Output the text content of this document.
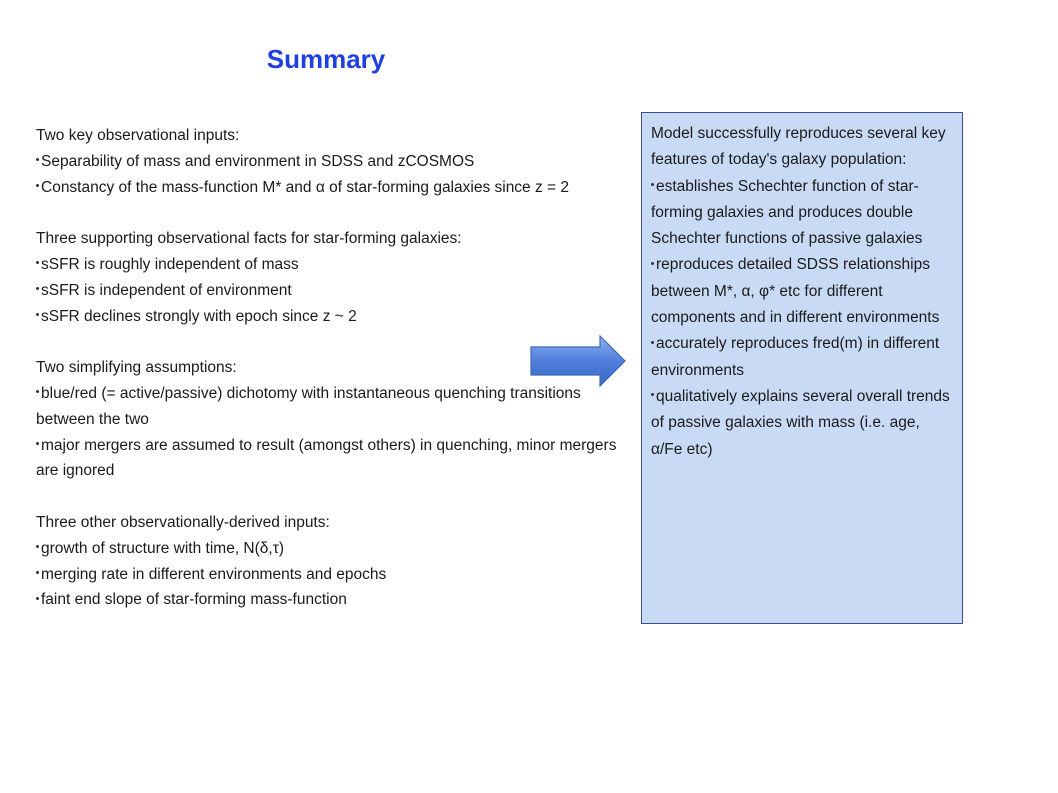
Summary
Two key observational inputs:
Separability of mass and environment in SDSS and zCOSMOS
Constancy of the mass-function M* and α of star-forming galaxies since z = 2
Three supporting observational facts for star-forming galaxies:
sSFR is roughly independent of mass
sSFR is independent of environment
sSFR declines strongly with epoch since z ~ 2
Two simplifying assumptions:
blue/red (= active/passive) dichotomy with instantaneous quenching transitions between the two
major mergers are assumed to result (amongst others) in quenching, minor mergers are ignored
Three other observationally-derived inputs:
growth of structure with time, N(δ,τ)
merging rate in different environments and epochs
faint end slope of star-forming mass-function

Model successfully reproduces several key features of today's galaxy population:

establishes Schechter function of star-forming galaxies and produces double Schechter functions of passive galaxies

reproduces detailed SDSS relationships between M*, α, φ* etc for different components and in different environments

accurately reproduces fred(m) in different environments

qualitatively explains several overall trends of passive galaxies with mass (i.e. age, α/Fe etc)
